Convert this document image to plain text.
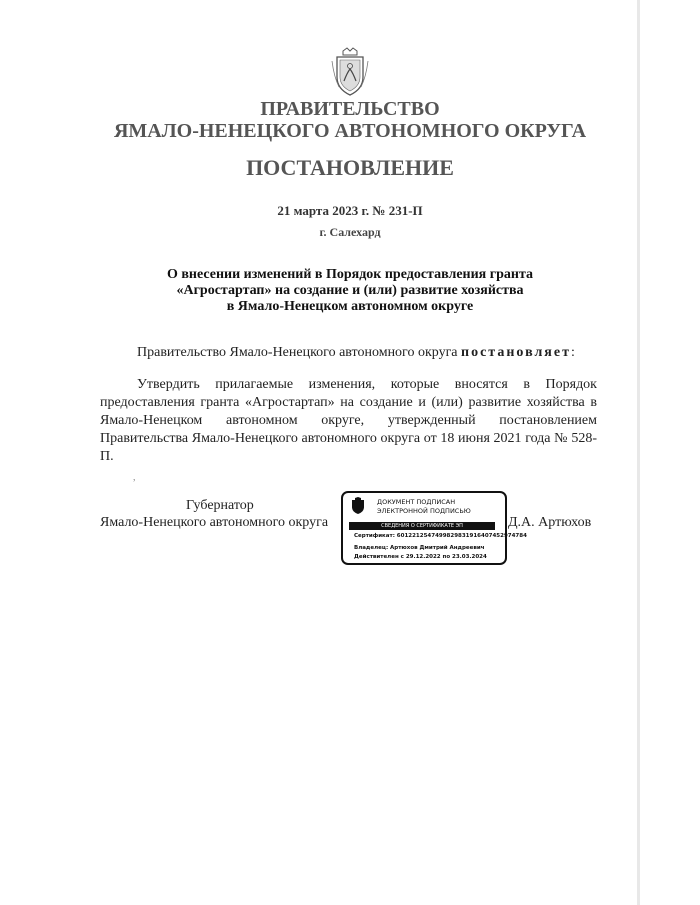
ПРАВИТЕЛЬСТВО
ЯМАЛО-НЕНЕЦКОГО АВТОНОМНОГО ОКРУГА
ПОСТАНОВЛЕНИЕ
21 марта 2023 г. № 231-П
г. Салехард
О внесении изменений в Порядок предоставления гранта
«Агростартап» на создание и (или) развитие хозяйства
в Ямало-Ненецком автономном округе
Правительство Ямало-Ненецкого автономного округа постановляет:
Утвердить прилагаемые изменения, которые вносятся в Порядок предоставления гранта «Агростартап» на создание и (или) развитие хозяйства в Ямало-Ненецком автономном округе, утвержденный постановлением Правительства Ямало-Ненецкого автономного округа от 18 июня 2021 года № 528-П.
,
Губернатор
Ямало-Ненецкого автономного округа	Д.А. Артюхов
ДОКУМЕНТ ПОДПИСАН
ЭЛЕКТРОННОЙ ПОДПИСЬЮ
СВЕДЕНИЯ О СЕРТИФИКАТЕ ЭП
Сертификат: 6012212547499829831916407452974784
Владелец: Артюхов Дмитрий Андреевич
Действителен с 29.12.2022 по 23.03.2024
